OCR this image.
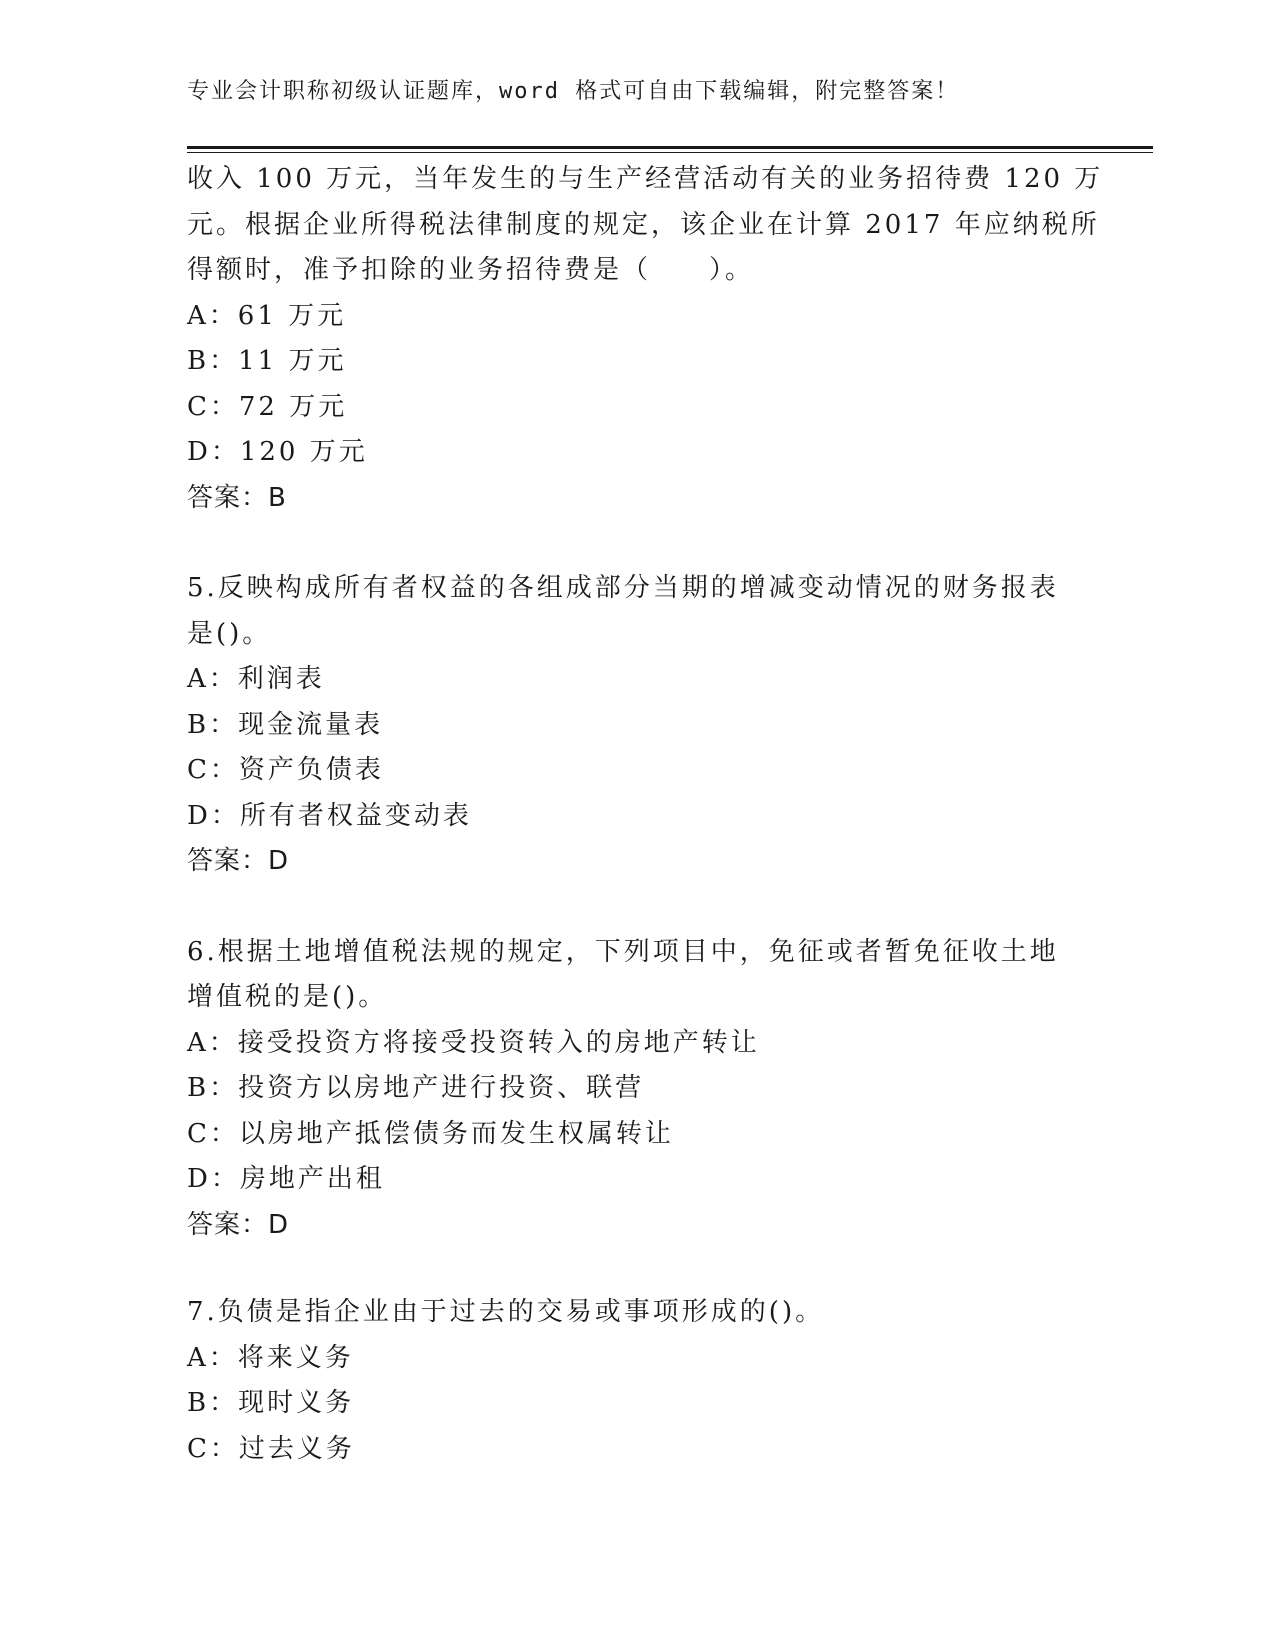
专业会计职称初级认证题库，word 格式可自由下载编辑，附完整答案！
收入 100 万元，当年发生的与生产经营活动有关的业务招待费 120 万
元。根据企业所得税法律制度的规定，该企业在计算 2017 年应纳税所
得额时，准予扣除的业务招待费是（　　）。
A：61 万元
B：11 万元
C：72 万元
D：120 万元
答案：B
5.反映构成所有者权益的各组成部分当期的增减变动情况的财务报表
是()。
A：利润表
B：现金流量表
C：资产负债表
D：所有者权益变动表
答案：D
6.根据土地增值税法规的规定，下列项目中，免征或者暂免征收土地
增值税的是()。
A：接受投资方将接受投资转入的房地产转让
B：投资方以房地产进行投资、联营
C：以房地产抵偿债务而发生权属转让
D：房地产出租
答案：D
7.负债是指企业由于过去的交易或事项形成的()。
A：将来义务
B：现时义务
C：过去义务
